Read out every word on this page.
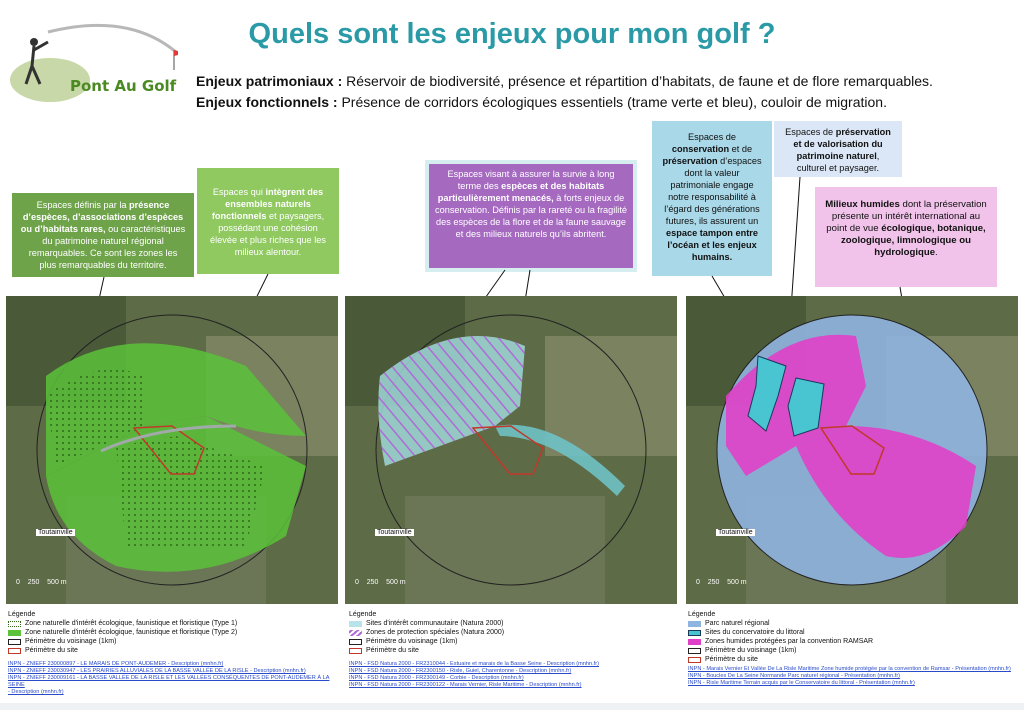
Quels sont les enjeux pour mon golf ?
Pont Au Golf Enjeux patrimoniaux : Réservoir de biodiversité, présence et répartition d’habitats, de faune et de flore remarquables.
Enjeux fonctionnels : Présence de corridors écologiques essentiels (trame verte et bleu), couloir de migration.
Espaces définis par la présence d’espèces, d’associations d’espèces ou d’habitats rares, ou caractéristiques du patrimoine naturel régional remarquables. Ce sont les zones les plus remarquables du territoire.
Espaces qui intègrent des ensembles naturels fonctionnels et paysagers, possédant une cohésion élevée et plus riches que les milieux alentour.
Espaces visant à assurer la survie à long terme des espèces et des habitats particulièrement menacés, à forts enjeux de conservation. Définis par la rareté ou la fragilité des espèces de la flore et de la faune sauvage et des milieux naturels qu’ils abritent.
Espaces de conservation et de préservation d’espaces dont la valeur patrimoniale engage notre responsabilité à l’égard des générations futures, ils assurent un espace tampon entre l’océan et les enjeux humains.
Espaces de préservation et de valorisation du patrimoine naturel, culturel et paysager.
Milieux humides dont la préservation présente un intérêt international au point de vue écologique, botanique, zoologique, limnologique ou hydrologique.
Toutainville
0 250 500 m
Toutainville
0 250 500 m
Toutainville
0 250 500 m
Légende
Zone naturelle d'intérêt écologique, faunistique et floristique (Type 1)
Zone naturelle d'intérêt écologique, faunistique et floristique (Type 2)
Périmètre du voisinage (1km)
Périmètre du site
INPN - ZNIEFF 230000897 - LE MARAIS DE PONT-AUDEMER - Description (mnhn.fr)
INPN - ZNIEFF 230030947 - LES PRAIRIES ALLUVIALES DE LA BASSE VALLÉE DE LA RISLE - Description (mnhn.fr)
INPN - ZNIEFF 230009161 - LA BASSE VALLÉE DE LA RISLE ET LES VALLÉES CONSÉQUENTES DE PONT-AUDEMER À LA SEINE
- Description (mnhn.fr)
Légende
Sites d'intérêt communautaire (Natura 2000)
Zones de protection spéciales (Natura 2000)
Périmètre du voisinage (1km)
Périmètre du site
INPN - FSD Natura 2000 - FR2310044 - Estuaire et marais de la Basse Seine - Description (mnhn.fr)
INPN - FSD Natura 2000 - FR2300150 - Risle, Guiel, Charentonne - Description (mnhn.fr)
INPN - FSD Natura 2000 - FR2300149 - Corbie - Description (mnhn.fr)
INPN - FSD Natura 2000 - FR2300122 - Marais Vernier, Risle Maritime - Description (mnhn.fr)
Légende
Parc naturel régional
Sites du concervatoire du littoral
Zones humides protégées par la convention RAMSAR
Périmètre du voisinage (1km)
Périmètre du site
INPN - Marais Vernier Et Vallée De La Risle Maritime Zone humide protégée par la convention de Ramsar - Présentation (mnhn.fr)
INPN - Boucles De La Seine Normande Parc naturel régional - Présentation (mnhn.fr)
INPN - Risle Maritime Terrain acquis par le Conservatoire du littoral - Présentation (mnhn.fr)
